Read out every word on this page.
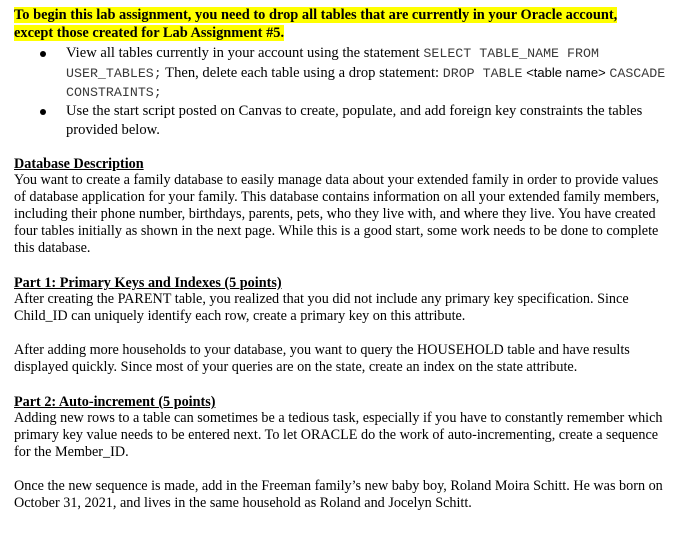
To begin this lab assignment, you need to drop all tables that are currently in your Oracle account, except those created for Lab Assignment #5.
View all tables currently in your account using the statement SELECT TABLE_NAME FROM USER_TABLES; Then, delete each table using a drop statement: DROP TABLE <table name> CASCADE CONSTRAINTS;
Use the start script posted on Canvas to create, populate, and add foreign key constraints the tables provided below.
Database Description
You want to create a family database to easily manage data about your extended family in order to provide values of database application for your family. This database contains information on all your extended family members, including their phone number, birthdays, parents, pets, who they live with, and where they live. You have created four tables initially as shown in the next page. While this is a good start, some work needs to be done to complete this database.
Part 1: Primary Keys and Indexes (5 points)
After creating the PARENT table, you realized that you did not include any primary key specification. Since Child_ID can uniquely identify each row, create a primary key on this attribute.
After adding more households to your database, you want to query the HOUSEHOLD table and have results displayed quickly. Since most of your queries are on the state, create an index on the state attribute.
Part 2: Auto-increment (5 points)
Adding new rows to a table can sometimes be a tedious task, especially if you have to constantly remember which primary key value needs to be entered next. To let ORACLE do the work of auto-incrementing, create a sequence for the Member_ID.
Once the new sequence is made, add in the Freeman family’s new baby boy, Roland Moira Schitt. He was born on October 31, 2021, and lives in the same household as Roland and Jocelyn Schitt.
